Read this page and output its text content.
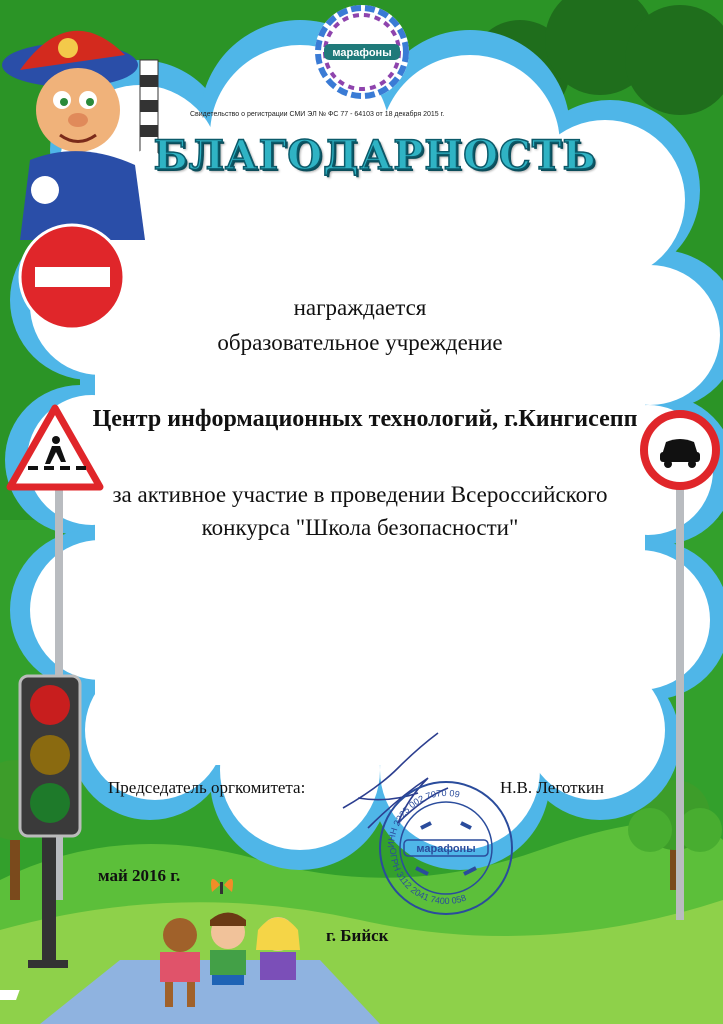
марафоны
Свидетельство о регистрации СМИ ЭЛ № ФС 77 - 64103 от 18 декабря 2015 г.
БЛАГОДАРНОСТЬ
награждается
образовательное учреждение
Центр информационных технологий, г.Кингисепп
за активное участие в проведении Всероссийского конкурса "Школа безопасности"
Председатель оргкомитета:
ИНН 2225 002 7070 09
ОГРН 3112 2041 7400 058
марафоны
Н.В. Леготкин
май 2016 г.
г. Бийск
